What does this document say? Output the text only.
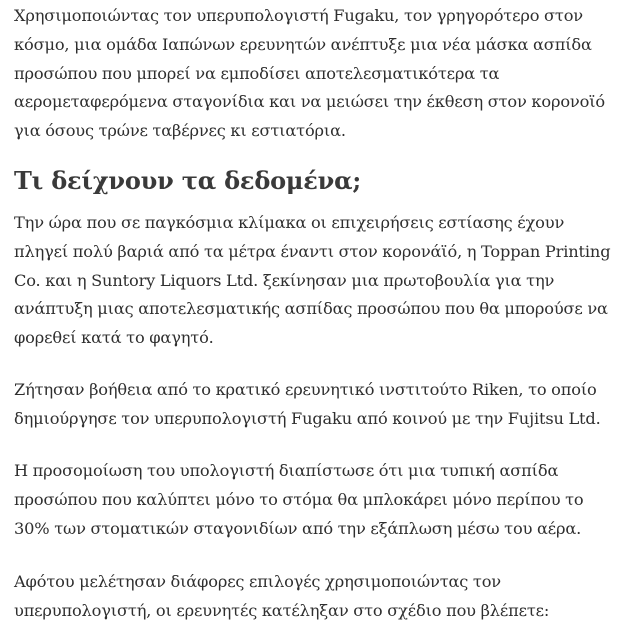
Χρησιμοποιώντας τον υπερυπολογιστή Fugaku, τον γρηγορότερο στον κόσμο, μια ομάδα Ιαπώνων ερευνητών ανέπτυξε μια νέα μάσκα ασπίδα προσώπου που μπορεί να εμποδίσει αποτελεσματικότερα τα αερομεταφερόμενα σταγονίδια και να μειώσει την έκθεση στον κορονοϊό για όσους τρώνε ταβέρνες κι εστιατόρια.

Τι δείχνουν τα δεδομένα;

Την ώρα που σε παγκόσμια κλίμακα οι επιχειρήσεις εστίασης έχουν πληγεί πολύ βαριά από τα μέτρα έναντι στον κορονάϊό, η Toppan Printing Co. και η Suntory Liquors Ltd. ξεκίνησαν μια πρωτοβουλία για την ανάπτυξη μιας αποτελεσματικής ασπίδας προσώπου που θα μπορούσε να φορεθεί κατά το φαγητό.

Ζήτησαν βοήθεια από το κρατικό ερευνητικό ινστιτούτο Riken, το οποίο δημιούργησε τον υπερυπολογιστή Fugaku από κοινού με την Fujitsu Ltd.

Η προσομοίωση του υπολογιστή διαπίστωσε ότι μια τυπική ασπίδα προσώπου που καλύπτει μόνο το στόμα θα μπλοκάρει μόνο περίπου το 30% των στοματικών σταγονιδίων από την εξάπλωση μέσω του αέρα.

Αφότου μελέτησαν διάφορες επιλογές χρησιμοποιώντας τον υπερυπολογιστή, οι ερευνητές κατέληξαν στο σχέδιο που βλέπετε:
